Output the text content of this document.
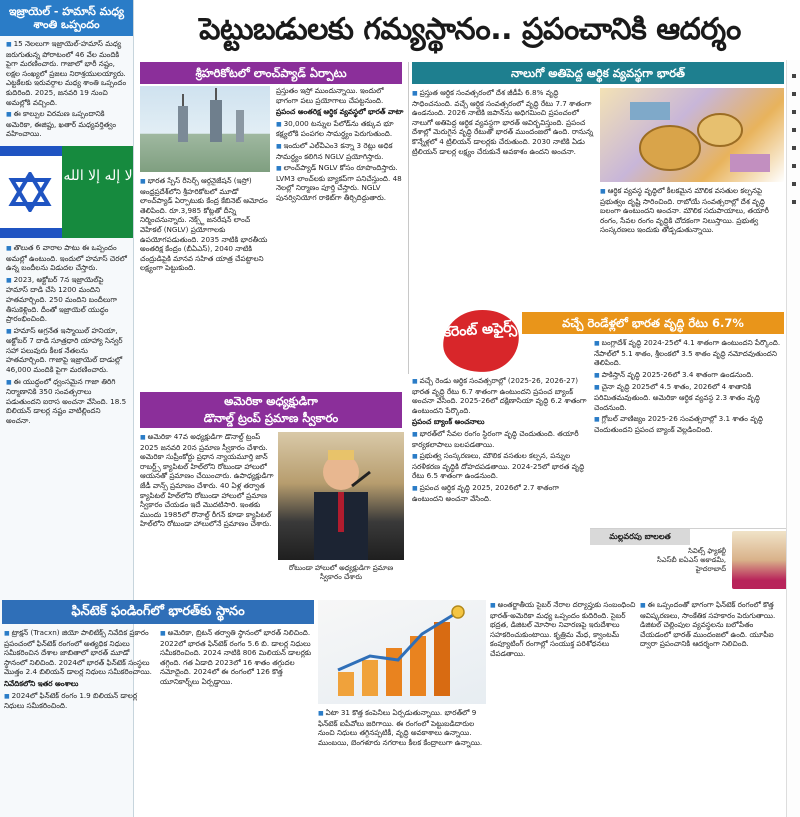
ఇజ్రాయెల్ - హమాస్ మధ్య శాంతి ఒప్పందం

■ 15 నెలలుగా ఇజ్రాయెల్-హమాస్ మధ్య జరుగుతున్న పోరాటంలో 46 వేల మందికి పైగా మరణించారు. గాజాలో భారీ నష్టం, లక్షల సంఖ్యలో ప్రజలు నిరాశ్రయులయ్యారు. ఎట్టకేలకు ఇరువర్గాల మధ్య శాంతి ఒప్పందం కుదిరింది. 2025, జనవరి 19 నుంచి అమల్లోకి వచ్చింది.

■ ఈ కాల్పుల విరమణ ఒప్పందానికి అమెరికా, ఈజిప్టు, ఖతార్ మధ్యవర్తిత్వం వహించాయి.

لا إله إلا الله

■ తొలుత 6 వారాల పాటు ఈ ఒప్పందం అమల్లో ఉంటుంది. ఇందులో హమాస్ చెరలో ఉన్న బందీలను విడుదల చేస్తారు.

■ 2023, అక్టోబర్ 7న ఇజ్రాయెల్‌పై హమాస్ దాడి చేసి 1200 మందిని హతమార్చింది. 250 మందిని బందీలుగా తీసుకెళ్లింది. దీంతో ఇజ్రాయెల్ యుద్ధం ప్రారంభించింది.

■ హమాస్ అగ్రనేత ఇస్మాయిల్ హనియా, అక్టోబర్ 7 దాడి సూత్రధారి యాహ్యా సిన్వర్ సహా పలువురు కీలక నేతలను హతమార్చింది. గాజాపై ఇజ్రాయెల్ దాడుల్లో 46,000 మందికి పైగా మరణించారు.

■ ఈ యుద్ధంలో ధ్వంసమైన గాజా తిరిగి నిర్మాణానికి 350 సంవత్సరాలు పడుతుందని ఐరాస అంచనా వేసింది. 18.5 బిలియన్ డాలర్ల నష్టం వాటిల్లిందని అంచనా.

పెట్టుబడులకు గమ్యస్థానం.. ప్రపంచానికి ఆదర్శం
శ్రీహరికోటలో లాంచ్‌ప్యాడ్ ఏర్పాటు

■ భారత స్పేస్ రీసెర్చ్ ఆర్గనైజేషన్ (ఇస్రో) ఆంధ్రప్రదేశ్‌లోని శ్రీహరికోటలో మూడో లాంచ్‌ప్యాడ్ ఏర్పాటుకు కేంద్ర కేబినెట్ ఆమోదం తెలిపింది. రూ.3,985 కోట్లతో దీన్ని నిర్మించనున్నారు. నెక్స్ట్ జనరేషన్ లాంచ్ వెహికల్ (NGLV) ప్రయోగాలకు ఉపయోగపడుతుంది. 2035 నాటికి భారతీయ అంతరిక్ష కేంద్రం (బీఏఎస్), 2040 నాటికి చంద్రుడిపైకి మానవ సహిత యాత్ర చేపట్టాలని లక్ష్యంగా పెట్టుకుంది.

ప్రస్తుతం ఇస్రో ముందున్నాయి. ఇందులో భాగంగా పలు ప్రయోగాలు చేపట్టనుంది.

ప్రపంచ అంతరిక్ష ఆర్థిక వ్యవస్థలో భారత్ వాటా

■ 30,000 టన్నుల పేలోడ్‌ను తక్కువ భూ కక్ష్యలోకి పంపగల సామర్థ్యం పెరుగుతుంది.

■ ఇందులో ఎల్‌వీఎం3 కన్నా 3 రెట్లు అధిక సామర్థ్యం కలిగిన NGLV ప్రయోగిస్తారు.

■ లాంచ్‌ప్యాడ్ NGLV కోసం రూపొందిస్తారు. LVM3 లాంచ్‌లకు బ్యాకప్‌గా పనిచేస్తుంది. 48 నెలల్లో నిర్మాణం పూర్తి చేస్తారు. NGLV పునర్వినియోగ రాకెట్‌గా తీర్చిదిద్దుతారు.

నాలుగో అతిపెద్ద ఆర్థిక వ్యవస్థగా భారత్

■ ప్రస్తుత ఆర్థిక సంవత్సరంలో దేశ జీడీపీ 6.8% వృద్ధి సాధించనుంది. వచ్చే ఆర్థిక సంవత్సరంలో వృద్ధి రేటు 7.7 శాతంగా ఉండనుంది. 2026 నాటికి జపాన్‌ను అధిగమించి ప్రపంచంలో నాలుగో అతిపెద్ద ఆర్థిక వ్యవస్థగా భారత్ ఆవిర్భవిస్తుంది. ప్రపంచ దేశాల్లో మెరుగైన వృద్ధి రేటుతో భారత్ ముందంజలో ఉంది. రానున్న కొన్నేళ్లలో 4 ట్రిలియన్ డాలర్లకు చేరుతుంది. 2030 నాటికి ఏడు ట్రిలియన్ డాలర్ల లక్ష్యం చేరుకునే అవకాశం ఉందని అంచనా.

■ ఆర్థిక వ్యవస్థ వృద్ధిలో కీలకమైన మౌలిక వసతుల కల్పనపై ప్రభుత్వం దృష్టి సారించింది. రాబోయే సంవత్సరాల్లో దేశ వృద్ధి బలంగా ఉంటుందని అంచనా. మౌలిక సదుపాయాలు, తయారీ రంగం, సేవల రంగం వృద్ధికి చోదకంగా నిలుస్తాయి. ప్రభుత్వ సంస్కరణలు ఇందుకు తోడ్పడుతున్నాయి.

కరెంట్ అఫైర్స్	వచ్చే రెండేళ్లలో భారత వృద్ధి రేటు 6.7%

■ వచ్చే రెండు ఆర్థిక సంవత్సరాల్లో (2025-26, 2026-27) భారత వృద్ధి రేటు 6.7 శాతంగా ఉంటుందని ప్రపంచ బ్యాంక్ అంచనా వేసింది. 2025-26లో దక్షిణాసియా వృద్ధి 6.2 శాతంగా ఉంటుందని పేర్కొంది.

ప్రపంచ బ్యాంక్ అంచనాలు

■ భారత్‌లో సేవల రంగం స్థిరంగా వృద్ధి చెందుతుంది. తయారీ కార్యకలాపాలు బలపడతాయి.

■ ప్రభుత్వ సంస్కరణలు, మౌలిక వసతుల కల్పన, పన్నుల సరళీకరణ వృద్ధికి దోహదపడతాయి. 2024-25లో భారత వృద్ధి రేటు 6.5 శాతంగా ఉండనుంది.

■ ప్రపంచ ఆర్థిక వృద్ధి 2025, 2026లో 2.7 శాతంగా ఉంటుందని అంచనా వేసింది.

■ బంగ్లాదేశ్ వృద్ధి 2024-25లో 4.1 శాతంగా ఉంటుందని పేర్కొంది. నేపాల్‌లో 5.1 శాతం, శ్రీలంకలో 3.5 శాతం వృద్ధి నమోదవుతుందని తెలిపింది.

■ పాకిస్తాన్ వృద్ధి 2025-26లో 3.4 శాతంగా ఉండనుంది.

■ చైనా వృద్ధి 2025లో 4.5 శాతం, 2026లో 4 శాతానికి పరిమితమవుతుంది. అమెరికా ఆర్థిక వ్యవస్థ 2.3 శాతం వృద్ధి చెందనుంది.

■ గ్లోబల్ వాణిజ్యం 2025-26 సంవత్సరాల్లో 3.1 శాతం వృద్ధి చెందుతుందని ప్రపంచ బ్యాంక్ వెల్లడించింది.

మల్లవరపు బాలలత
సివిల్స్ ఫ్యాకల్టీ
సీఎస్‌బీ ఐఏఎస్ అకాడమీ,
హైదరాబాద్
అమెరికా అధ్యక్షుడిగా
డొనాల్డ్ ట్రంప్ ప్రమాణ స్వీకారం

■ అమెరికా 47వ అధ్యక్షుడిగా డొనాల్డ్ ట్రంప్ 2025 జనవరి 20న ప్రమాణ స్వీకారం చేశారు. అమెరికా సుప్రీంకోర్టు ప్రధాన న్యాయమూర్తి జాన్ రాబర్ట్స్ క్యాపిటల్ హిల్‌లోని రోటుండా హాలులో ఆయనతో ప్రమాణం చేయించారు. ఉపాధ్యక్షుడిగా జేడీ వాన్స్ ప్రమాణం చేశారు. 40 ఏళ్ల తర్వాత క్యాపిటల్ హిల్‌లోని రోటుండా హాలులో ప్రమాణ స్వీకారం చేయడం ఇదే మొదటిసారి. ఇంతకు ముందు 1985లో రొనాల్డ్ రీగన్ కూడా క్యాపిటల్ హిల్‌లోని రోటుండా హాలులోనే ప్రమాణం చేశారు.

రోటుండా హాలులో అధ్యక్షుడిగా ప్రమాణ స్వీకారం చేశారు
ఫిన్‌టెక్ ఫండింగ్‌లో భారత్‌కు స్థానం

■ ట్రాక్షన్ (Tracxn) జియో పాలిటిక్స్ నివేదిక ప్రకారం ప్రపంచంలో ఫిన్‌టెక్ రంగంలో అత్యధిక నిధులు సమీకరించిన దేశాల జాబితాలో భారత్ మూడో స్థానంలో నిలిచింది. 2024లో భారత్ ఫిన్‌టెక్ సంస్థలు మొత్తం 2.4 బిలియన్ డాలర్ల నిధులు సమీకరించాయి.

నివేదికలోని ఇతర అంశాలు

■ 2024లో ఫిన్‌టెక్ రంగం 1.9 బిలియన్ డాలర్ల నిధులు సమీకరించింది.

■ అమెరికా, బ్రిటన్ తర్వాతి స్థానంలో భారత్ నిలిచింది. 2022లో భారత ఫిన్‌టెక్ రంగం 5.6 బి. డాలర్ల నిధులు సమీకరించింది. 2024 నాటికి 806 మిలియన్ డాలర్లకు తగ్గింది. గత ఏడాది 2023లో 16 శాతం తగ్గుదల నమోదైంది. 2024లో ఈ రంగంలో 126 కొత్త యూనికార్న్‌లు ఏర్పడ్డాయి.

■ ఏటా 31 కొత్త కంపెనీలు ఏర్పడుతున్నాయి. భారత్‌లో 9 ఫిన్‌టెక్ ఐపీవోలు జరిగాయి. ఈ రంగంలో పెట్టుబడిదారుల నుంచి నిధులు తగ్గినప్పటికీ, వృద్ధి అవకాశాలు ఉన్నాయి. ముంబయి, బెంగళూరు నగరాలు కీలక కేంద్రాలుగా ఉన్నాయి.

■ అంతర్జాతీయ సైబర్ నేరాల దర్యాప్తుకు సంబంధించి భారత్-అమెరికా మధ్య ఒప్పందం కుదిరింది. సైబర్ భద్రత, డిజిటల్ మోసాల నివారణపై ఇరుదేశాలు సహకరించుకుంటాయి. కృత్రిమ మేధ, క్వాంటమ్ కంప్యూటింగ్ రంగాల్లో సంయుక్త పరిశోధనలు చేపడతాయి.

■ ఈ ఒప్పందంతో భాగంగా ఫిన్‌టెక్ రంగంలో కొత్త ఆవిష్కరణలు, సాంకేతిక సహకారం పెరుగుతాయి. డిజిటల్ చెల్లింపుల వ్యవస్థలను బలోపేతం చేయడంలో భారత్ ముందంజలో ఉంది. యూపీఐ ద్వారా ప్రపంచానికి ఆదర్శంగా నిలిచింది.
